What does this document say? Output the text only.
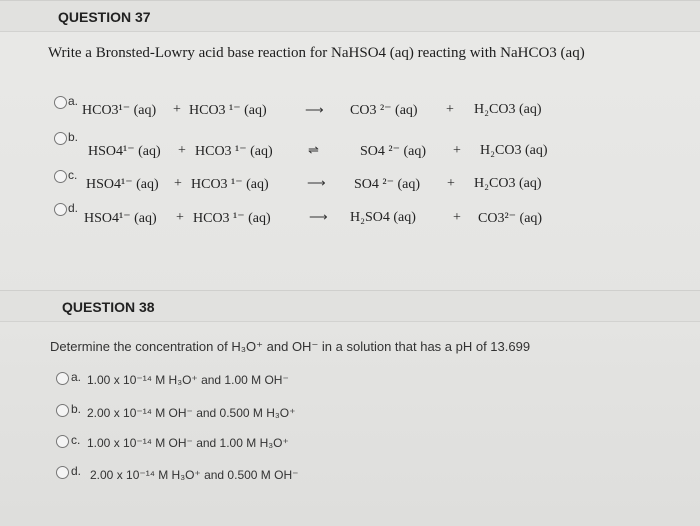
QUESTION 37
Write a Bronsted-Lowry acid base reaction for NaHSO4 (aq) reacting with NaHCO3 (aq)
a.
HCO3¹⁻ (aq) + HCO3 ¹⁻ (aq)	⟶ CO3 ²⁻ (aq) + H₂CO3 (aq)
b.
HSO4¹⁻ (aq) + HCO3 ¹⁻ (aq)	⇌	SO4 ²⁻ (aq) + H₂CO3 (aq)
c.
HSO4¹⁻ (aq) + HCO3 ¹⁻ (aq)	⟶ SO4 ²⁻ (aq) + H₂CO3 (aq)
d.
HSO4¹⁻ (aq) + HCO3 ¹⁻ (aq)	⟶ H₂SO4 (aq)	+ CO3²⁻ (aq)
QUESTION 38
Determine the concentration of H₃O⁺ and OH⁻ in a solution that has a pH of 13.699
a. 1.00 x 10⁻¹⁴ M H₃O⁺ and 1.00 M OH⁻
b. 2.00 x 10⁻¹⁴ M OH⁻ and 0.500 M H₃O⁺
c. 1.00 x 10⁻¹⁴ M OH⁻ and 1.00 M H₃O⁺
d. 2.00 x 10⁻¹⁴ M H₃O⁺ and 0.500 M OH⁻
